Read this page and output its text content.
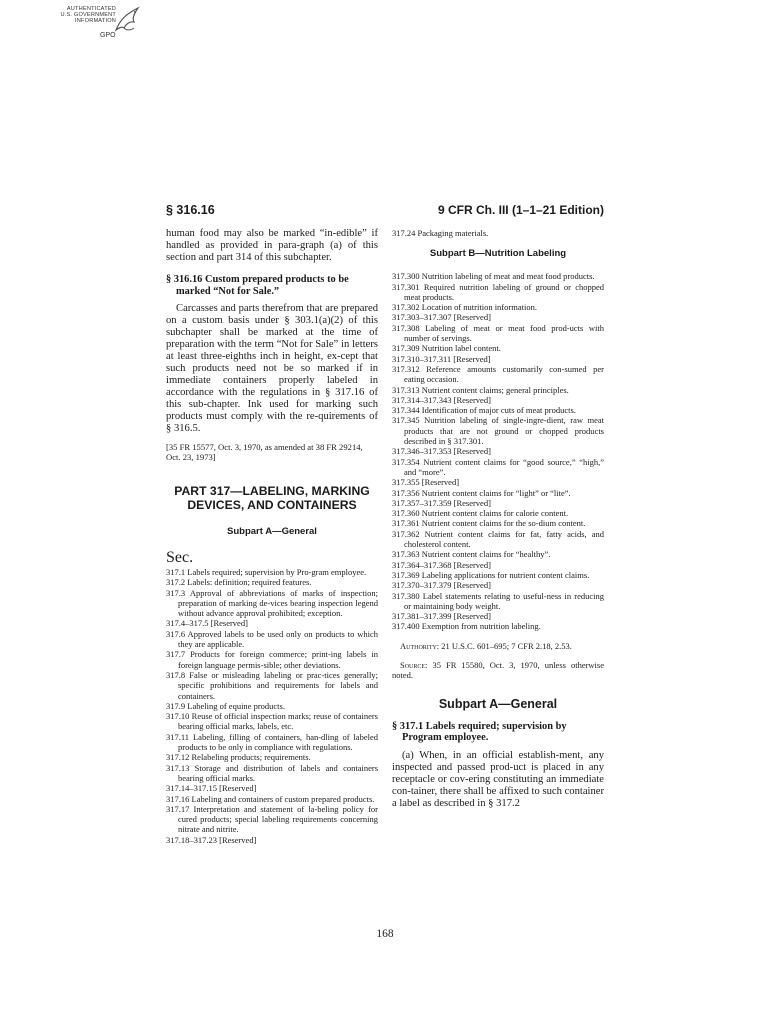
AUTHENTICATED
U.S. GOVERNMENT
INFORMATION
GPO
§ 316.16	9 CFR Ch. III (1–1–21 Edition)

human food may also be marked “in-edible” if handled as provided in para-graph (a) of this section and part 314 of this subchapter.

§ 316.16 Custom prepared products to be marked “Not for Sale.”

Carcasses and parts therefrom that are prepared on a custom basis under § 303.1(a)(2) of this subchapter shall be marked at the time of preparation with the term “Not for Sale” in letters at least three-eighths inch in height, ex-cept that such products need not be so marked if in immediate containers properly labeled in accordance with the regulations in § 317.16 of this sub-chapter. Ink used for marking such products must comply with the re-quirements of § 316.5.

[35 FR 15577, Oct. 3, 1970, as amended at 38 FR 29214, Oct. 23, 1973]

PART 317—LABELING, MARKING DEVICES, AND CONTAINERS
Subpart A—General

Sec.

317.1 Labels required; supervision by Pro-gram employee.
317.2 Labels: definition; required features.
317.3 Approval of abbreviations of marks of inspection; preparation of marking de-vices bearing inspection legend without advance approval prohibited; exception.
317.4–317.5 [Reserved]
317.6 Approved labels to be used only on products to which they are applicable.
317.7 Products for foreign commerce; print-ing labels in foreign language permis-sible; other deviations.
317.8 False or misleading labeling or prac-tices generally; specific prohibitions and requirements for labels and containers.
317.9 Labeling of equine products.
317.10 Reuse of official inspection marks; reuse of containers bearing official marks, labels, etc.
317.11 Labeling, filling of containers, han-dling of labeled products to be only in compliance with regulations.
317.12 Relabeling products; requirements.
317.13 Storage and distribution of labels and containers bearing official marks.
317.14–317.15 [Reserved]
317.16 Labeling and containers of custom prepared products.
317.17 Interpretation and statement of la-beling policy for cured products; special labeling requirements concerning nitrate and nitrite.
317.18–317.23 [Reserved]
317.24 Packaging materials.
Subpart B—Nutrition Labeling
317.300 Nutrition labeling of meat and meat food products.
317.301 Required nutrition labeling of ground or chopped meat products.
317.302 Location of nutrition information.
317.303–317.307 [Reserved]
317.308 Labeling of meat or meat food prod-ucts with number of servings.
317.309 Nutrition label content.
317.310–317.311 [Reserved]
317.312 Reference amounts customarily con-sumed per eating occasion.
317.313 Nutrient content claims; general principles.
317.314–317.343 [Reserved]
317.344 Identification of major cuts of meat products.
317.345 Nutrition labeling of single-ingre-dient, raw meat products that are not ground or chopped products described in § 317.301.
317.346–317.353 [Reserved]
317.354 Nutrient content claims for “good source,” “high,” and “more”.
317.355 [Reserved]
317.356 Nutrient content claims for “light” or “lite”.
317.357–317.359 [Reserved]
317.360 Nutrient content claims for calorie content.
317.361 Nutrient content claims for the so-dium content.
317.362 Nutrient content claims for fat, fatty acids, and cholesterol content.
317.363 Nutrient content claims for “healthy”.
317.364–317.368 [Reserved]
317.369 Labeling applications for nutrient content claims.
317.370–317.379 [Reserved]
317.380 Label statements relating to useful-ness in reducing or maintaining body weight.
317.381–317.399 [Reserved]
317.400 Exemption from nutrition labeling.

Authority: 21 U.S.C. 601–695; 7 CFR 2.18, 2.53.

Source: 35 FR 15580, Oct. 3, 1970, unless otherwise noted.

Subpart A—General

§ 317.1 Labels required; supervision by Program employee.

(a) When, in an official establish-ment, any inspected and passed prod-uct is placed in any receptacle or cov-ering constituting an immediate con-tainer, there shall be affixed to such container a label as described in § 317.2

168
